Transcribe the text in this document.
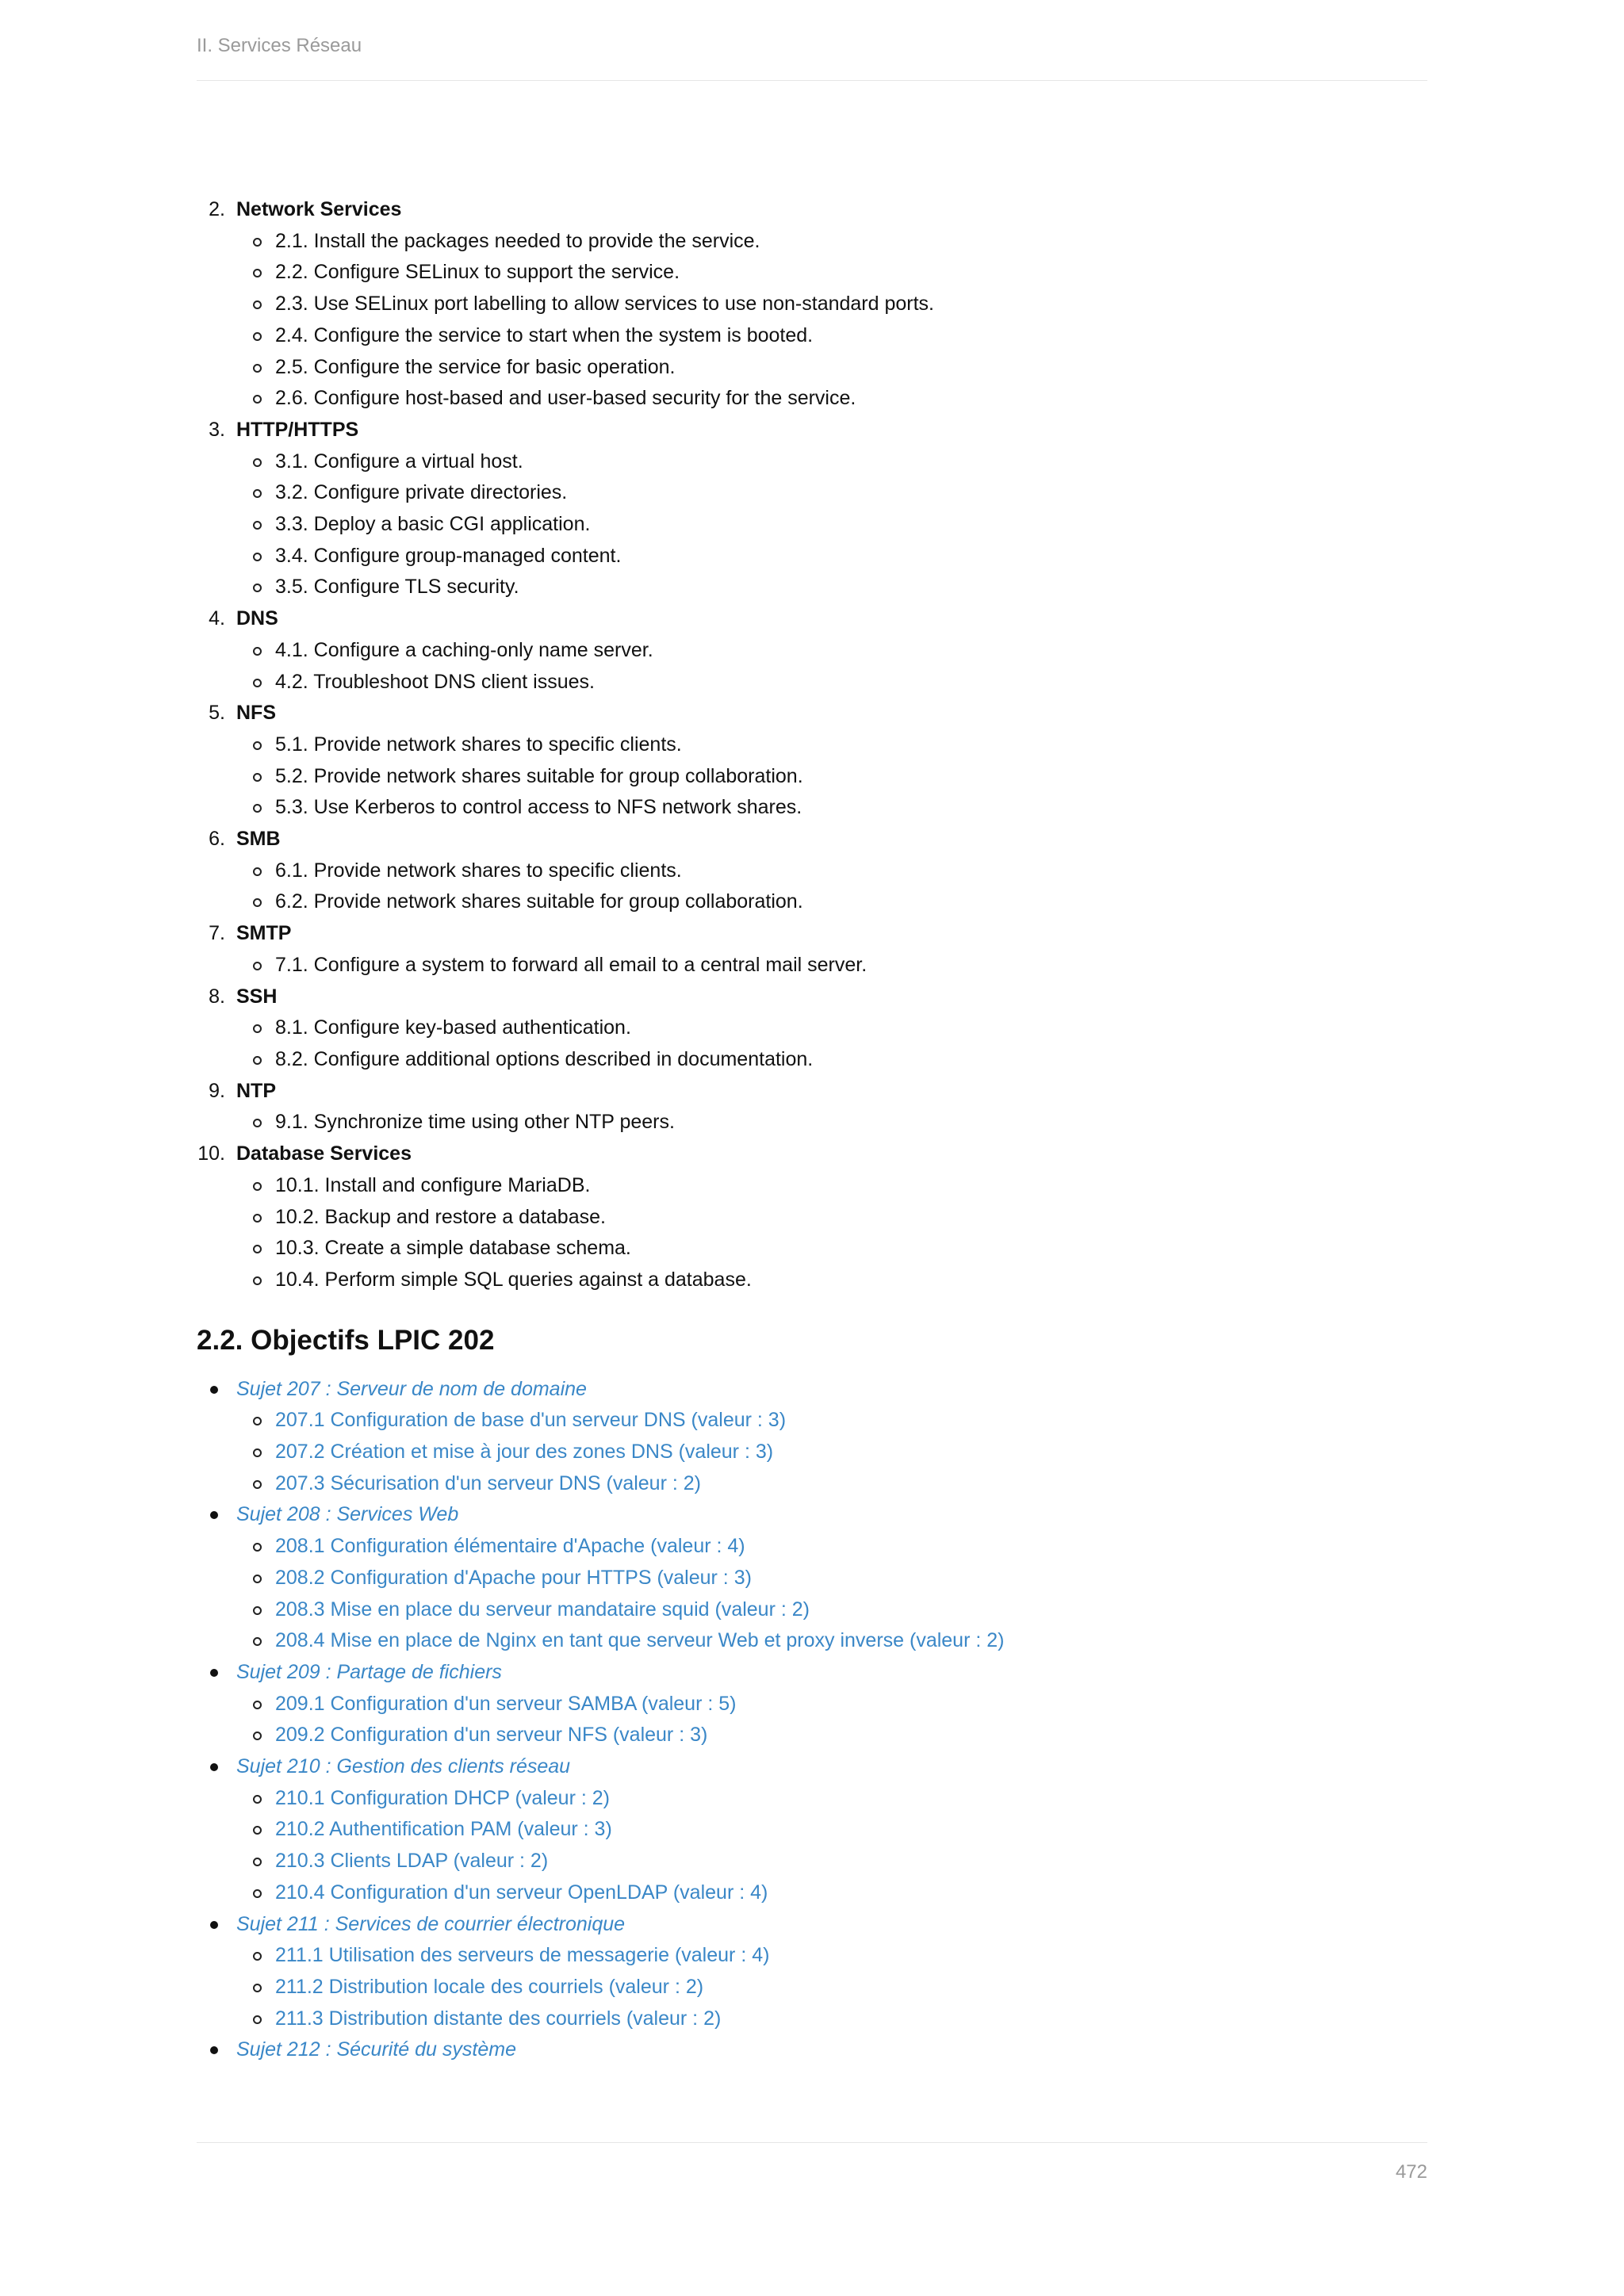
II. Services Réseau
2. Network Services
2.1. Install the packages needed to provide the service.
2.2. Configure SELinux to support the service.
2.3. Use SELinux port labelling to allow services to use non-standard ports.
2.4. Configure the service to start when the system is booted.
2.5. Configure the service for basic operation.
2.6. Configure host-based and user-based security for the service.
3. HTTP/HTTPS
3.1. Configure a virtual host.
3.2. Configure private directories.
3.3. Deploy a basic CGI application.
3.4. Configure group-managed content.
3.5. Configure TLS security.
4. DNS
4.1. Configure a caching-only name server.
4.2. Troubleshoot DNS client issues.
5. NFS
5.1. Provide network shares to specific clients.
5.2. Provide network shares suitable for group collaboration.
5.3. Use Kerberos to control access to NFS network shares.
6. SMB
6.1. Provide network shares to specific clients.
6.2. Provide network shares suitable for group collaboration.
7. SMTP
7.1. Configure a system to forward all email to a central mail server.
8. SSH
8.1. Configure key-based authentication.
8.2. Configure additional options described in documentation.
9. NTP
9.1. Synchronize time using other NTP peers.
10. Database Services
10.1. Install and configure MariaDB.
10.2. Backup and restore a database.
10.3. Create a simple database schema.
10.4. Perform simple SQL queries against a database.
2.2. Objectifs LPIC 202
Sujet 207 : Serveur de nom de domaine
207.1 Configuration de base d'un serveur DNS (valeur : 3)
207.2 Création et mise à jour des zones DNS (valeur : 3)
207.3 Sécurisation d'un serveur DNS (valeur : 2)
Sujet 208 : Services Web
208.1 Configuration élémentaire d'Apache (valeur : 4)
208.2 Configuration d'Apache pour HTTPS (valeur : 3)
208.3 Mise en place du serveur mandataire squid (valeur : 2)
208.4 Mise en place de Nginx en tant que serveur Web et proxy inverse (valeur : 2)
Sujet 209 : Partage de fichiers
209.1 Configuration d'un serveur SAMBA (valeur : 5)
209.2 Configuration d'un serveur NFS (valeur : 3)
Sujet 210 : Gestion des clients réseau
210.1 Configuration DHCP (valeur : 2)
210.2 Authentification PAM (valeur : 3)
210.3 Clients LDAP (valeur : 2)
210.4 Configuration d'un serveur OpenLDAP (valeur : 4)
Sujet 211 : Services de courrier électronique
211.1 Utilisation des serveurs de messagerie (valeur : 4)
211.2 Distribution locale des courriels (valeur : 2)
211.3 Distribution distante des courriels (valeur : 2)
Sujet 212 : Sécurité du système
472
